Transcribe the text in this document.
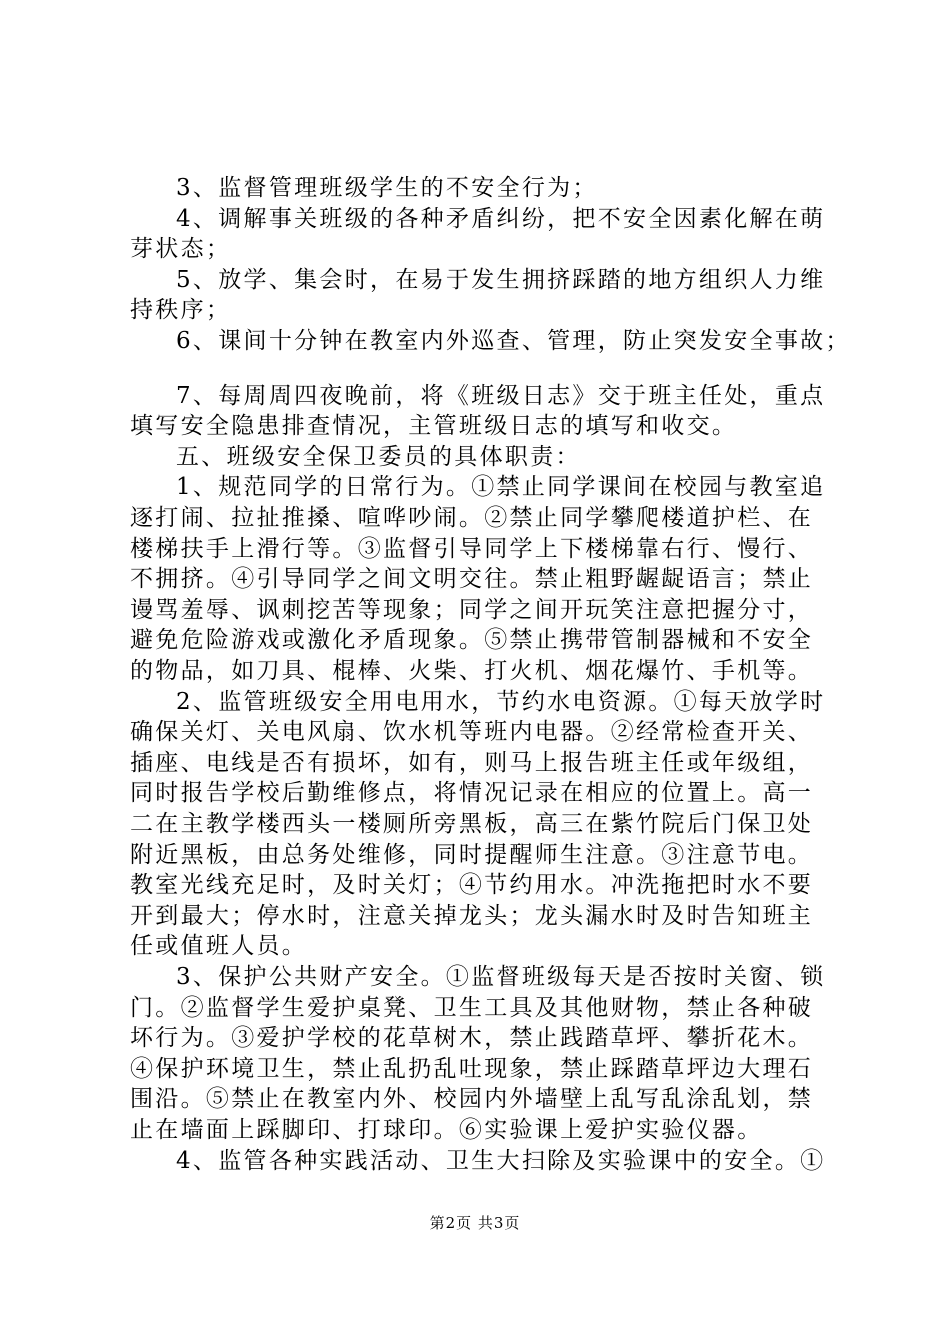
3、监督管理班级学生的不安全行为；
4、调解事关班级的各种矛盾纠纷，把不安全因素化解在萌
芽状态；
5、放学、集会时，在易于发生拥挤踩踏的地方组织人力维
持秩序；
6、课间十分钟在教室内外巡查、管理，防止突发安全事故；
7、每周周四夜晚前，将《班级日志》交于班主任处，重点
填写安全隐患排查情况，主管班级日志的填写和收交。
五、班级安全保卫委员的具体职责：
1、规范同学的日常行为。①禁止同学课间在校园与教室追
逐打闹、拉扯推搡、喧哗吵闹。②禁止同学攀爬楼道护栏、在
楼梯扶手上滑行等。③监督引导同学上下楼梯靠右行、慢行、
不拥挤。④引导同学之间文明交往。禁止粗野龌龊语言；禁止
谩骂羞辱、讽刺挖苦等现象；同学之间开玩笑注意把握分寸，
避免危险游戏或激化矛盾现象。⑤禁止携带管制器械和不安全
的物品，如刀具、棍棒、火柴、打火机、烟花爆竹、手机等。
2、监管班级安全用电用水，节约水电资源。①每天放学时
确保关灯、关电风扇、饮水机等班内电器。②经常检查开关、
插座、电线是否有损坏，如有，则马上报告班主任或年级组，
同时报告学校后勤维修点，将情况记录在相应的位置上。高一
二在主教学楼西头一楼厕所旁黑板，高三在紫竹院后门保卫处
附近黑板，由总务处维修，同时提醒师生注意。③注意节电。
教室光线充足时，及时关灯；④节约用水。冲洗拖把时水不要
开到最大；停水时，注意关掉龙头；龙头漏水时及时告知班主
任或值班人员。
3、保护公共财产安全。①监督班级每天是否按时关窗、锁
门。②监督学生爱护桌凳、卫生工具及其他财物，禁止各种破
坏行为。③爱护学校的花草树木，禁止践踏草坪、攀折花木。
④保护环境卫生，禁止乱扔乱吐现象，禁止踩踏草坪边大理石
围沿。⑤禁止在教室内外、校园内外墙壁上乱写乱涂乱划，禁
止在墙面上踩脚印、打球印。⑥实验课上爱护实验仪器。
4、监管各种实践活动、卫生大扫除及实验课中的安全。①
第2页 共3页
